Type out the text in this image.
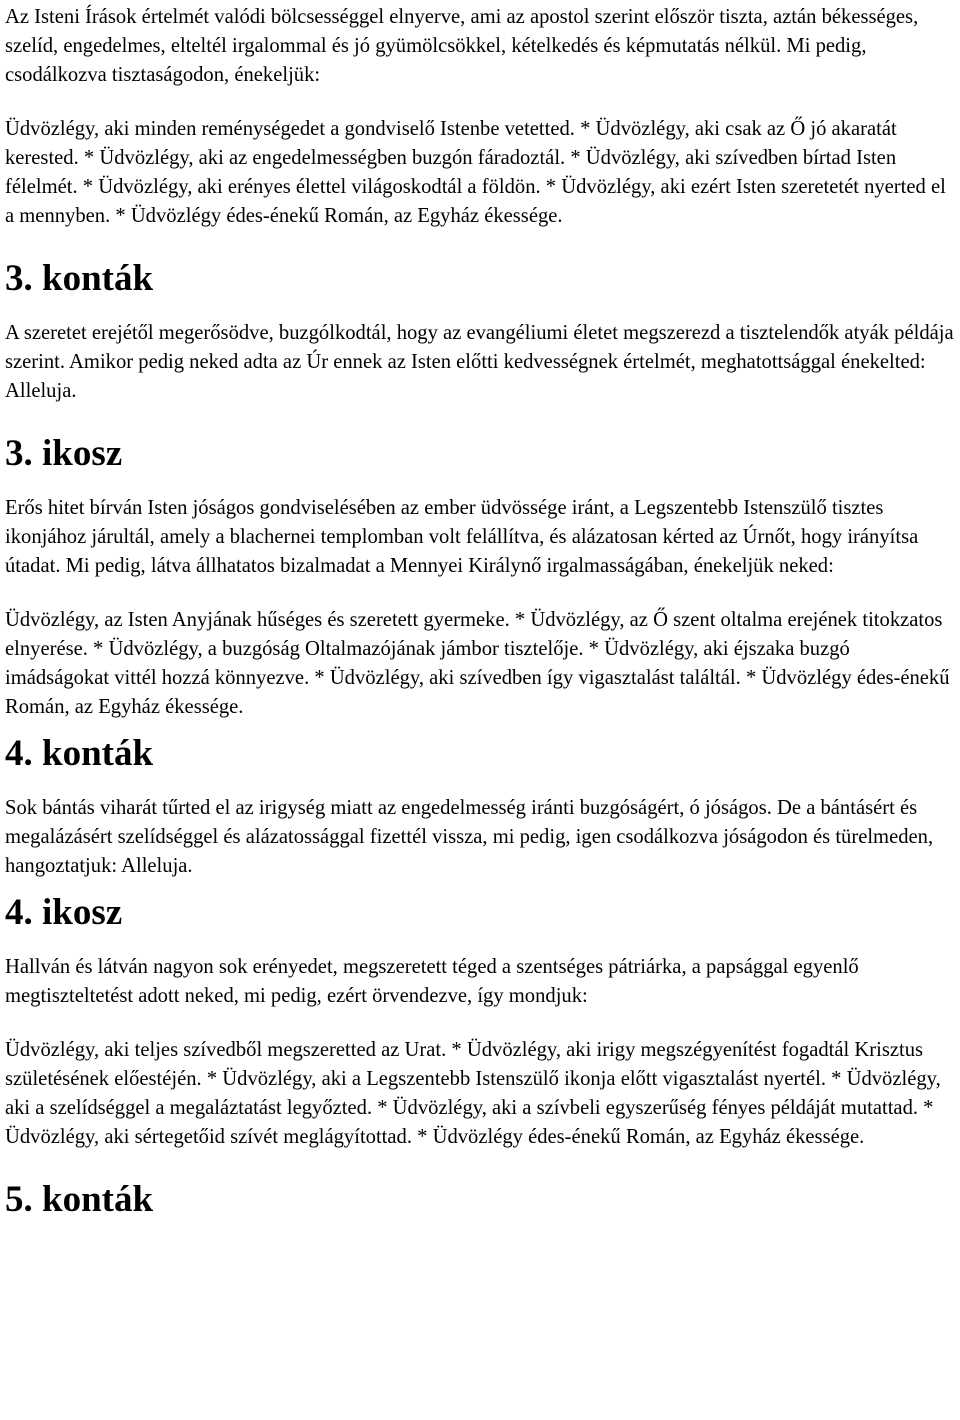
Az Isteni Írások értelmét valódi bölcsességgel elnyerve, ami az apostol szerint először tiszta, aztán békességes, szelíd, engedelmes, elteltél irgalommal és jó gyümölcsökkel, kételkedés és képmutatás nélkül. Mi pedig, csodálkozva tisztaságodon, énekeljük:

Üdvözlégy, aki minden reménységedet a gondviselő Istenbe vetetted. * Üdvözlégy, aki csak az Ő jó akaratát kerested. * Üdvözlégy, aki az engedelmességben buzgón fáradoztál. * Üdvözlégy, aki szívedben bírtad Isten félelmét. * Üdvözlégy, aki erényes élettel világoskodtál a földön. * Üdvözlégy, aki ezért Isten szeretetét nyerted el a mennyben. * Üdvözlégy édes-énekű Román, az Egyház ékessége.

3. konták

A szeretet erejétől megerősödve, buzgólkodtál, hogy az evangéliumi életet megszerezd a tisztelendők atyák példája szerint. Amikor pedig neked adta az Úr ennek az Isten előtti kedvességnek értelmét, meghatottsággal énekelted: Alleluja.

3. ikosz

Erős hitet bírván Isten jóságos gondviselésében az ember üdvössége iránt, a Legszentebb Istenszülő tisztes ikonjához járultál, amely a blachernei templomban volt felállítva, és alázatosan kérted az Úrnőt, hogy irányítsa útadat. Mi pedig, látva állhatatos bizalmadat a Mennyei Királynő irgalmasságában, énekeljük neked:

Üdvözlégy, az Isten Anyjának hűséges és szeretett gyermeke. * Üdvözlégy, az Ő szent oltalma erejének titokzatos elnyerése. * Üdvözlégy, a buzgóság Oltalmazójának jámbor tisztelője. * Üdvözlégy, aki éjszaka buzgó imádságokat vittél hozzá könnyezve. * Üdvözlégy, aki szívedben így vigasztalást találtál. * Üdvözlégy édes-énekű Román, az Egyház ékessége.

4. konták

Sok bántás viharát tűrted el az irigység miatt az engedelmesség iránti buzgóságért, ó jóságos. De a bántásért és megalázásért szelídséggel és alázatossággal fizettél vissza, mi pedig, igen csodálkozva jóságodon és türelmeden, hangoztatjuk: Alleluja.

4. ikosz

Hallván és látván nagyon sok erényedet, megszeretett téged a szentséges pátriárka, a papsággal egyenlő megtiszteltetést adott neked, mi pedig, ezért örvendezve, így mondjuk:

Üdvözlégy, aki teljes szívedből megszeretted az Urat. * Üdvözlégy, aki irigy megszégyenítést fogadtál Krisztus születésének előestéjén. * Üdvözlégy, aki a Legszentebb Istenszülő ikonja előtt vigasztalást nyertél. * Üdvözlégy, aki a szelídséggel a megaláztatást legyőzted. * Üdvözlégy, aki a szívbeli egyszerűség fényes példáját mutattad. * Üdvözlégy, aki sértegetőid szívét meglágyítottad. * Üdvözlégy édes-énekű Román, az Egyház ékessége.

5. konták
